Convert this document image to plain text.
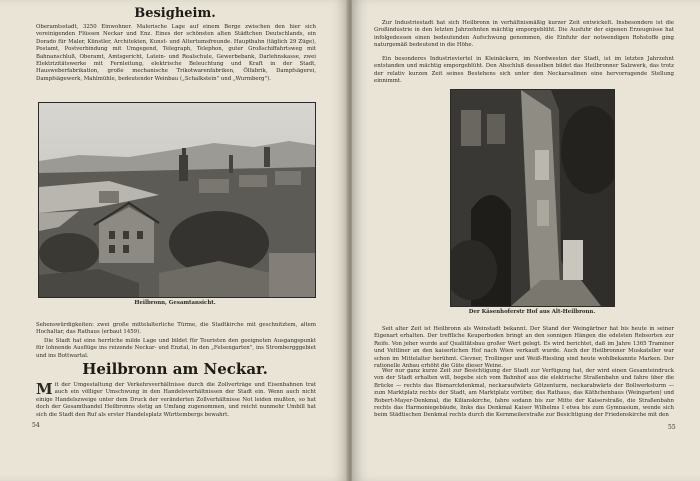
Besigheim.
Oberamtsstadt, 3250 Einwohner. Malerische Lage auf einem Berge zwischen den hier sich vereinigenden Flüssen Neckar und Enz. Eines der schönsten alten Städtchen Deutschlands, ein Dorado für Maler, Künstler, Architekten, Kunst- und Altertumsfreunde. Hauptbahn (täglich 29 Züge), Postamt, Postverbindung mit Umgegend, Telegraph, Telephon, guter Großschiffahrtsweg mit Bahnanschluß, Oberamt, Amtsgericht, Latein- und Realschule, Gewerbebank, Darlehnskasse, zwei Elektrizitätswerke mit Fernleitung, elektrische Beleuchtung und Kraft in der Stadt, Hausweberfabrikation, große mechanische Trikotwarenfabriken, Ölfabrik, Dampfsägerei, Dampfsägewerk, Mahlmühle, bedeutender Weinbau („Schalkstein" und „Wurmberg").
Heilbronn, Gesamtansicht.
Sehenswürdigkeiten: zwei große mittelalterliche Türme, die Stadtkirche mit geschnitztem, altem Hochaltar, das Rathaus (erbaut 1459).

Die Stadt hat eine herrliche milde Lage und bildet für Touristen den geeigneten Ausgangspunkt für lohnende Ausflüge ins reizende Neckar- und Enztal, in den „Felsengarten", ins Strombergggebiet und ins Bottwartal.

Heilbronn am Neckar.
M it der Umgestaltung der Verkehrsverhältnisse durch die Zollverträge und Eisenbahnen trat auch ein völliger Umschwung in den Handelsverhältnissen der Stadt ein. Wenn auch nicht einige Handelszweige unter dem Druck der veränderten Zollverhältnisse Not leiden mußten, so hat doch der Gesamthandel Heilbronns stetig an Umfang zugenommen, und reicht nunmehr Umbill hat sich die Stadt den Ruf als erster Handelsplatz Württembergs bewahrt.
54

Zur Industriestadt hat sich Heilbronn in verhältnismäßig kurzer Zeit entwickelt. Insbesondere ist die Großindustrie in den letzten Jahrzehnten mächtig emporgeblüht. Die Ausfuhr der eigenen Erzeugnisse hat infolgedessen einen bedeutenden Aufschwung genommen, die Einfuhr der notwendigen Rohstoffe ging naturgemäß bedeutend in die Höhe.

Ein besonderes Industrieviertel in Kleinäckern, im Nordwesten der Stadt, ist im letzten Jahrzehnt entstanden und mächtig emporgeblüht. Den Abschluß desselben bildet das Heilbronner Salzwerk, das trotz der relativ kurzen Zeit seines Bestehens sich unter den Neckarsalinen eine hervorragende Stellung einnimmt.

Der Käsenhoferstr Hof aus Alt-Heilbronn.

Seit alter Zeit ist Heilbronn als Weinstadt bekannt. Der Stand der Weingärtner hat bis heute in seiner Eigenart erhalten. Der treffliche Keuperboden bringt an den sonnigen Hängen die edelsten Rebsorten zur Reife. Von jeher wurde auf Qualitätsbau großer Wert gelegt. Es wird berichtet, daß im Jahre 1365 Traminer und Veltliner an den kaiserlichen Hof nach Wien verkauft wurde. Auch der Heilbronner Muskateller war schon im Mittelalter berühmt. Clevner, Trollinger und Weiß-Riesling sind heute wohlbekannte Marken. Der rationelle Anbau erhöht die Güte dieser Weine.

Wer nur ganz kurze Zeit zur Besichtigung der Stadt zur Verfügung hat, der wird einen Gesamteindruck von der Stadt erhalten will, begebe sich vom Bahnhof aus die elektrische Straßenbahn und fahre über die Brücke — rechts das Bismarckdenkmal, neckaraufwärts Götzenturm, neckarabwärts der Bollwerksturm — zum Marktplatz rechts der Stadt, am Marktplatz vorüber, das Rathaus, das Käthchenhaus (Weingarten) und Robert-Mayer-Denkmal, die Kilianskirche, fahre sodann bis zur Mitte der Kaiserstraße, die Straßenbahn rechts das Harmoniegebäude, links das Denkmal Kaiser Wilhelms I etwa bis zum Gymnasium, wende sich beim Städtischen Denkmal rechts durch die Kernmeilerstraße zur Besichtigung der Friedenskirche mit den

55
